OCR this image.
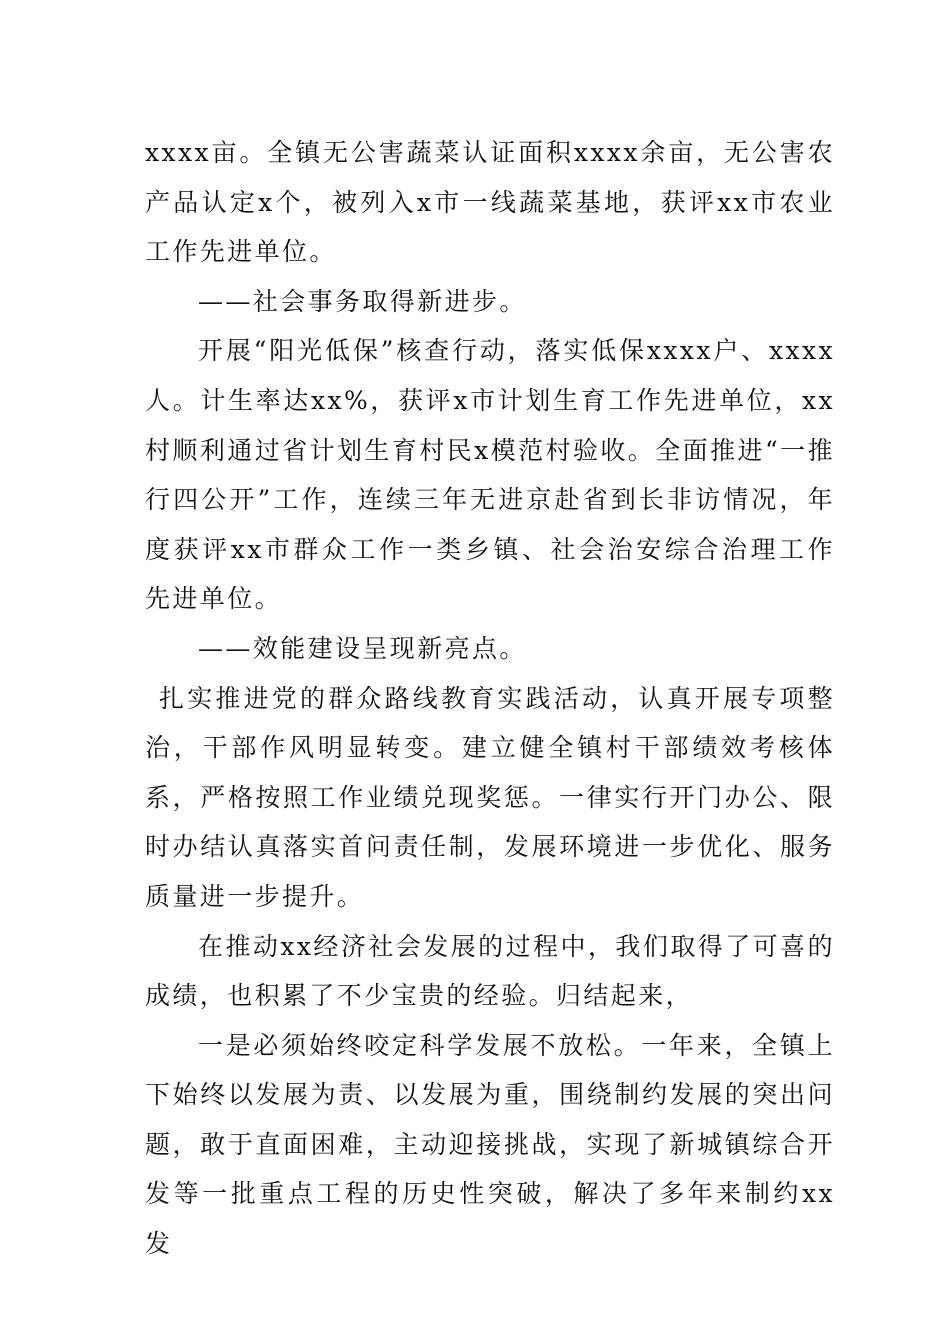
xxxx亩。全镇无公害蔬菜认证面积xxxx余亩，无公害农产品认定x个，被列入x市一线蔬菜基地，获评xx市农业工作先进单位。

——社会事务取得新进步。

开展“阳光低保”核查行动，落实低保xxxx户、xxxx人。计生率达xx%，获评x市计划生育工作先进单位，xx村顺利通过省计划生育村民x模范村验收。全面推进“一推行四公开”工作，连续三年无进京赴省到长非访情况，年度获评xx市群众工作一类乡镇、社会治安综合治理工作先进单位。

——效能建设呈现新亮点。

扎实推进党的群众路线教育实践活动，认真开展专项整治，干部作风明显转变。建立健全镇村干部绩效考核体系，严格按照工作业绩兑现奖惩。一律实行开门办公、限时办结认真落实首问责任制，发展环境进一步优化、服务质量进一步提升。

在推动xx经济社会发展的过程中，我们取得了可喜的成绩，也积累了不少宝贵的经验。归结起来，

一是必须始终咬定科学发展不放松。一年来，全镇上下始终以发展为责、以发展为重，围绕制约发展的突出问题，敢于直面困难，主动迎接挑战，实现了新城镇综合开发等一批重点工程的历史性突破，解决了多年来制约xx发
